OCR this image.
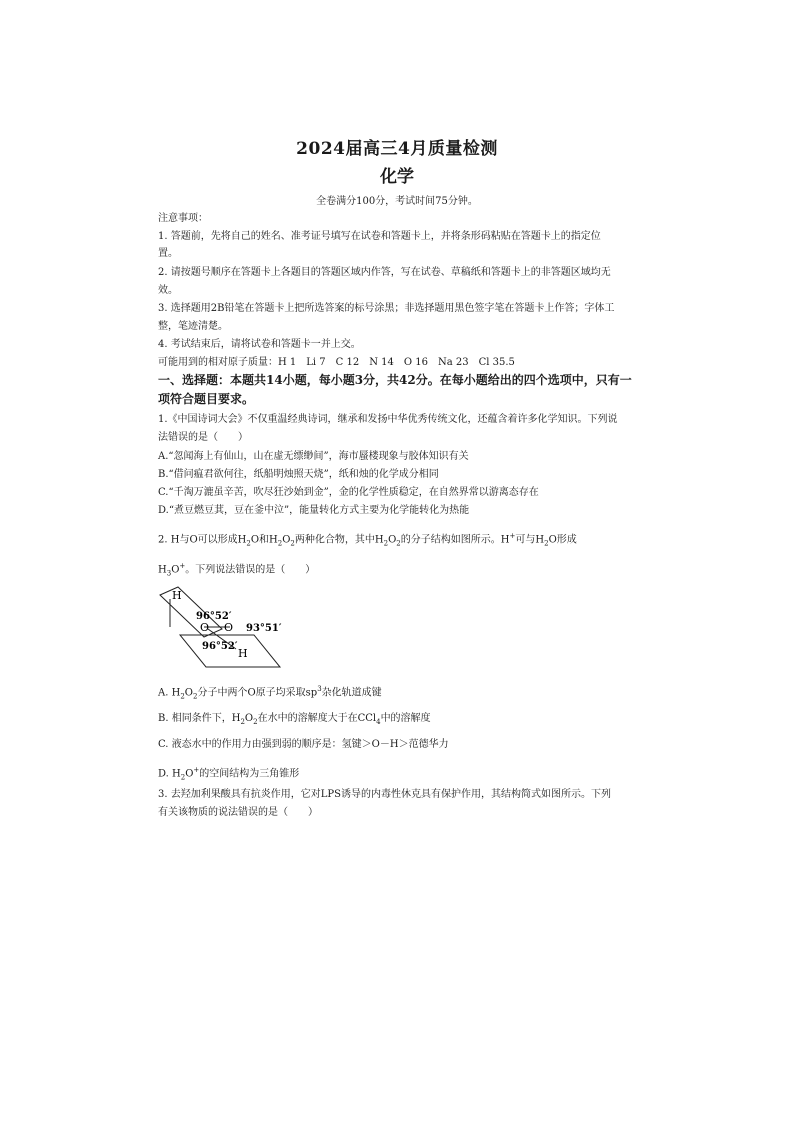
2024届高三4月质量检测
化学
全卷满分100分，考试时间75分钟。
注意事项：
1. 答题前，先将自己的姓名、准考证号填写在试卷和答题卡上，并将条形码粘贴在答题卡上的指定位
置。
2. 请按题号顺序在答题卡上各题目的答题区域内作答，写在试卷、草稿纸和答题卡上的非答题区域均无
效。
3. 选择题用2B铅笔在答题卡上把所选答案的标号涂黑；非选择题用黑色签字笔在答题卡上作答；字体工
整，笔迹清楚。
4. 考试结束后，请将试卷和答题卡一并上交。
可能用到的相对原子质量：H 1　Li 7　C 12　N 14　O 16　Na 23　Cl 35.5
一、选择题：本题共14小题，每小题3分，共42分。在每小题给出的四个选项中，只有一
项符合题目要求。
1.《中国诗词大会》不仅重温经典诗词，继承和发扬中华优秀传统文化，还蕴含着许多化学知识。下列说
法错误的是（　　）
A.“忽闻海上有仙山，山在虚无缥缈间”，海市蜃楼现象与胶体知识有关
B.“借问瘟君欲何往，纸船明烛照天烧”，纸和烛的化学成分相同
C.“千淘万漉虽辛苦，吹尽狂沙始到金”，金的化学性质稳定，在自然界常以游离态存在
D.“煮豆燃豆萁，豆在釜中泣”，能量转化方式主要为化学能转化为热能
2. H与O可以形成$H_2O$和$H_2O_2$两种化合物，其中$H_2O_2$的分子结构如图所示。H+可与$H_2O$形成
$H_3O^+$。下列说法错误的是（　　）
H
O O
H
96°52′
96°52′
93°51′
A. $H_2O_2$分子中两个O原子均采取$sp^3$杂化轨道成键
B. 相同条件下，$H_2O_2$在水中的溶解度大于在CCl$_4$中的溶解度
C. 液态水中的作用力由强到弱的顺序是：氢键＞O－H＞范德华力
D. $H_2O^+$的空间结构为三角锥形
3. 去羟加利果酸具有抗炎作用，它对LPS诱导的内毒性休克具有保护作用，其结构简式如图所示。下列
有关该物质的说法错误的是（　　）
